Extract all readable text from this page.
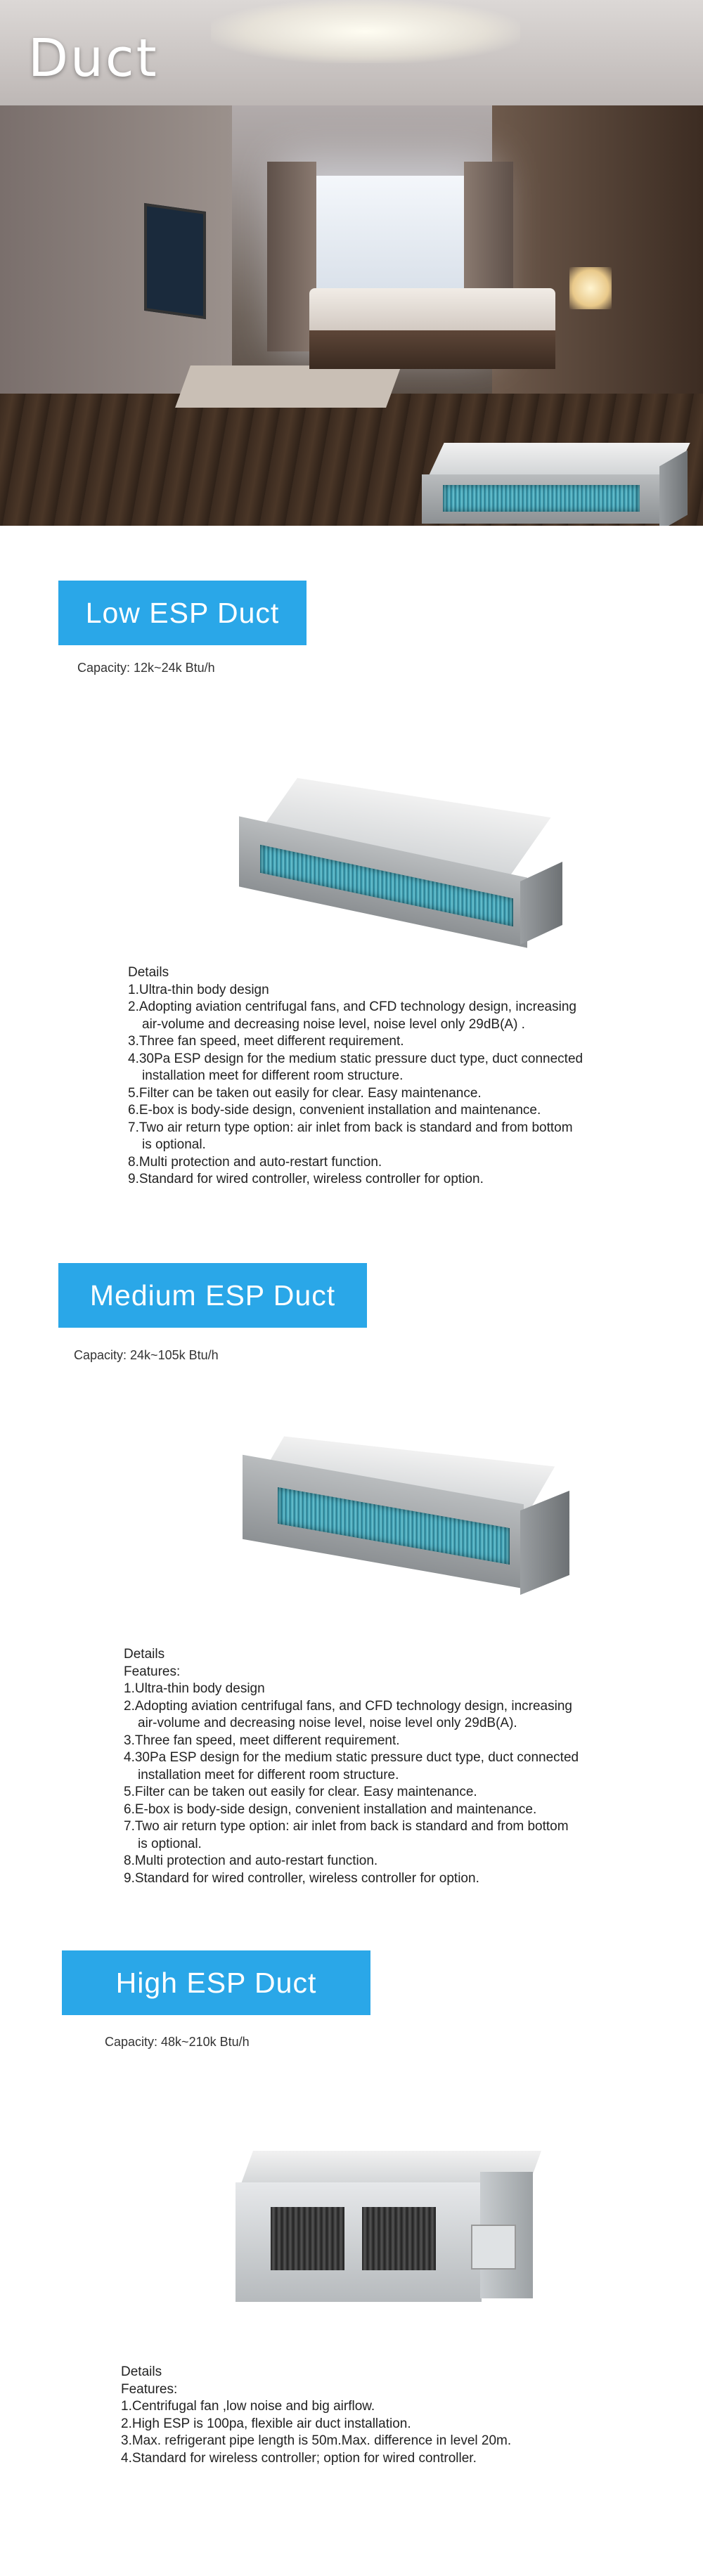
Duct
Low ESP Duct

Capacity: 12k~24k Btu/h

Details

1.Ultra-thin body design

2.Adopting aviation centrifugal fans, and CFD technology design, increasing

air-volume and decreasing noise level, noise level only 29dB(A) .

3.Three fan speed, meet different requirement.

4.30Pa ESP design for the medium static pressure duct type, duct connected

installation meet for different room structure.

5.Filter can be taken out easily for clear. Easy maintenance.

6.E-box is body-side design, convenient installation and maintenance.

7.Two air return type option: air inlet from back is standard and from bottom

is optional.

8.Multi protection and auto-restart function.

9.Standard for wired controller, wireless controller for option.

Medium ESP Duct

Capacity: 24k~105k Btu/h

Details

Features:

1.Ultra-thin body design

2.Adopting aviation centrifugal fans, and CFD technology design, increasing

air-volume and decreasing noise level, noise level only 29dB(A).

3.Three fan speed, meet different requirement.

4.30Pa ESP design for the medium static pressure duct type, duct connected

installation meet for different room structure.

5.Filter can be taken out easily for clear. Easy maintenance.

6.E-box is body-side design, convenient installation and maintenance.

7.Two air return type option: air inlet from back is standard and from bottom

is optional.

8.Multi protection and auto-restart function.

9.Standard for wired controller, wireless controller for option.

High ESP Duct

Capacity: 48k~210k Btu/h

Details

Features:

1.Centrifugal fan ,low noise and big airflow.

2.High ESP is 100pa, flexible air duct installation.

3.Max. refrigerant pipe length is 50m.Max. difference in level 20m.

4.Standard for wireless controller; option for wired controller.
